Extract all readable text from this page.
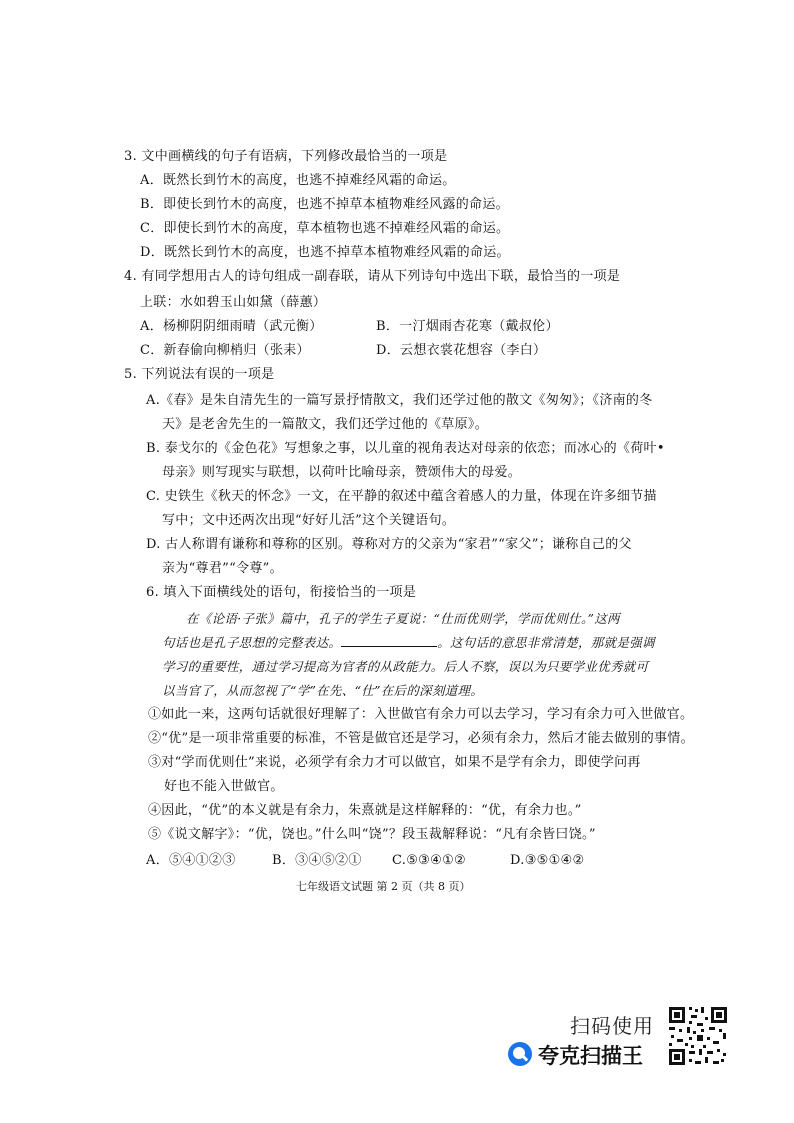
3. 文中画横线的句子有语病，下列修改最恰当的一项是
A．既然长到竹木的高度，也逃不掉难经风霜的命运。
B．即使长到竹木的高度，也逃不掉草本植物难经风露的命运。
C．即使长到竹木的高度，草本植物也逃不掉难经风霜的命运。
D．既然长到竹木的高度，也逃不掉草本植物难经风霜的命运。
4. 有同学想用古人的诗句组成一副春联，请从下列诗句中选出下联，最恰当的一项是
上联：水如碧玉山如黛（薛蕙）
A．杨柳阴阴细雨晴（武元衡）	B．一汀烟雨杏花寒（戴叔伦）
C．新春偷向柳梢归（张耒）	D．云想衣裳花想容（李白）
5. 下列说法有误的一项是
A.《春》是朱自清先生的一篇写景抒情散文，我们还学过他的散文《匆匆》；《济南的冬
天》是老舍先生的一篇散文，我们还学过他的《草原》。
B. 泰戈尔的《金色花》写想象之事，以儿童的视角表达对母亲的依恋；而冰心的《荷叶•
母亲》则写现实与联想，以荷叶比喻母亲，赞颂伟大的母爱。
C. 史铁生《秋天的怀念》一文，在平静的叙述中蕴含着感人的力量，体现在许多细节描
写中；文中还两次出现“好好儿活”这个关键语句。
D. 古人称谓有谦称和尊称的区别。尊称对方的父亲为“家君”“家父”；谦称自己的父
亲为“尊君”“令尊”。
6. 填入下面横线处的语句，衔接恰当的一项是
在《论语·子张》篇中，孔子的学生子夏说：“仕而优则学，学而优则仕。”这两
句话也是孔子思想的完整表达。	。这句话的意思非常清楚，那就是强调
学习的重要性，通过学习提高为官者的从政能力。后人不察，误以为只要学业优秀就可
以当官了，从而忽视了“学”在先、“仕”在后的深刻道理。
①如此一来，这两句话就很好理解了：入世做官有余力可以去学习，学习有余力可入世做官。
②“优”是一项非常重要的标准，不管是做官还是学习，必须有余力，然后才能去做别的事情。
③对“学而优则仕”来说，必须学有余力才可以做官，如果不是学有余力，即使学问再
好也不能入世做官。
④因此，“优”的本义就是有余力，朱熹就是这样解释的：“优，有余力也。”
⑤《说文解字》：“优，饶也。”什么叫“饶”？段玉裁解释说：“凡有余皆曰饶。”
A．⑤④①②③	B．③④⑤②① C.⑤③④①②	D.③⑤①④②
七年级语文试题 第 2 页（共 8 页）
扫码使用
夸克扫描王
